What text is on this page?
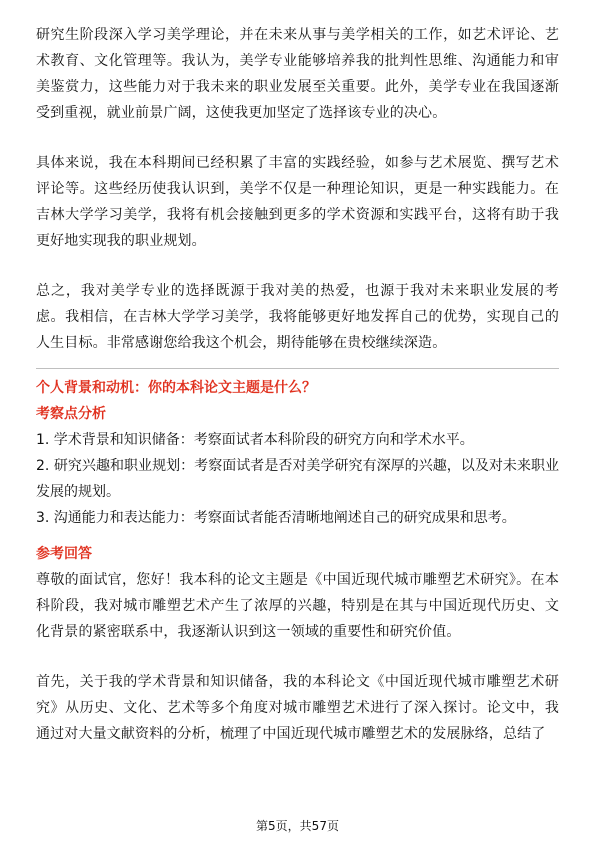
研究生阶段深入学习美学理论，并在未来从事与美学相关的工作，如艺术评论、艺术教育、文化管理等。我认为，美学专业能够培养我的批判性思维、沟通能力和审美鉴赏力，这些能力对于我未来的职业发展至关重要。此外，美学专业在我国逐渐受到重视，就业前景广阔，这使我更加坚定了选择该专业的决心。

具体来说，我在本科期间已经积累了丰富的实践经验，如参与艺术展览、撰写艺术评论等。这些经历使我认识到，美学不仅是一种理论知识，更是一种实践能力。在吉林大学学习美学，我将有机会接触到更多的学术资源和实践平台，这将有助于我更好地实现我的职业规划。

总之，我对美学专业的选择既源于我对美的热爱，也源于我对未来职业发展的考虑。我相信，在吉林大学学习美学，我将能够更好地发挥自己的优势，实现自己的人生目标。非常感谢您给我这个机会，期待能够在贵校继续深造。

个人背景和动机：你的本科论文主题是什么？

考察点分析

1. 学术背景和知识储备：考察面试者本科阶段的研究方向和学术水平。

2. 研究兴趣和职业规划：考察面试者是否对美学研究有深厚的兴趣，以及对未来职业发展的规划。

3. 沟通能力和表达能力：考察面试者能否清晰地阐述自己的研究成果和思考。

参考回答

尊敬的面试官，您好！我本科的论文主题是《中国近现代城市雕塑艺术研究》。在本科阶段，我对城市雕塑艺术产生了浓厚的兴趣，特别是在其与中国近现代历史、文化背景的紧密联系中，我逐渐认识到这一领域的重要性和研究价值。

首先，关于我的学术背景和知识储备，我的本科论文《中国近现代城市雕塑艺术研究》从历史、文化、艺术等多个角度对城市雕塑艺术进行了深入探讨。论文中，我通过对大量文献资料的分析，梳理了中国近现代城市雕塑艺术的发展脉络，总结了

第5页，共57页
